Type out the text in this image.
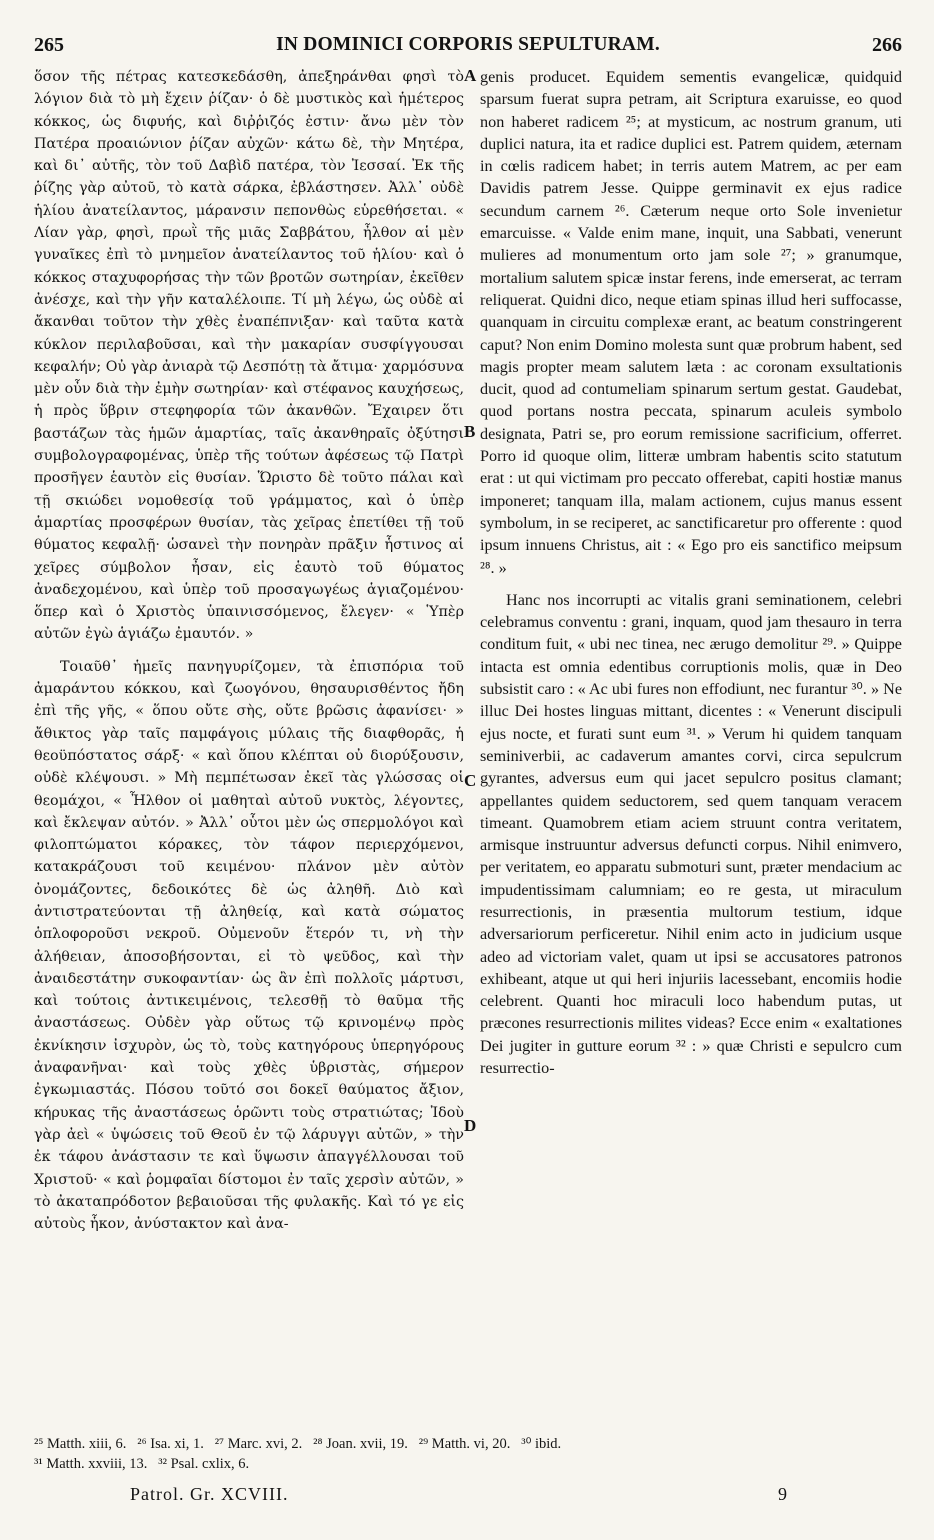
265	IN DOMINICI CORPORIS SEPULTURAM.	266

ὅσον τῆς πέτρας κατεσκεδάσθη, ἀπεξηράνθαι φησὶ τὸ λόγιον διὰ τὸ μὴ ἔχειν ῥίζαν· ὁ δὲ μυστικὸς καὶ ἡμέτερος κόκκος, ὡς διφυής, καὶ διῤῥιζός ἐστιν· ἄνω μὲν τὸν Πατέρα προαιώνιον ῥίζαν αὐχῶν· κάτω δὲ, τὴν Μητέρα, καὶ δι᾿ αὐτῆς, τὸν τοῦ Δαβὶδ πατέρα, τὸν Ἰεσσαί. Ἐκ τῆς ῥίζης γὰρ αὐτοῦ, τὸ κατὰ σάρκα, ἐβλάστησεν. Ἀλλ᾿ οὐδὲ ἡλίου ἀνατείλαντος, μάρανσιν πεπονθὼς εὑρεθήσεται. « Λίαν γὰρ, φησὶ, πρωῒ τῆς μιᾶς Σαββάτου, ἦλθον αἱ μὲν γυναῖκες ἐπὶ τὸ μνημεῖον ἀνατείλαντος τοῦ ἡλίου· καὶ ὁ κόκκος σταχυφορήσας τὴν τῶν βροτῶν σωτηρίαν, ἐκεῖθεν ἀνέσχε, καὶ τὴν γῆν καταλέλοιπε. Τί μὴ λέγω, ὡς οὐδὲ αἱ ἄκανθαι τοῦτον τὴν χθὲς ἐναπέπνιξαν· καὶ ταῦτα κατὰ κύκλον περιλαβοῦσαι, καὶ τὴν μακαρίαν συσφίγγουσαι κεφαλήν; Οὐ γὰρ ἀνιαρὰ τῷ Δεσπότῃ τὰ ἄτιμα· χαρμόσυνα μὲν οὖν διὰ τὴν ἐμὴν σωτηρίαν· καὶ στέφανος καυχήσεως, ἡ πρὸς ὕβριν στεφηφορία τῶν ἀκανθῶν. Ἔχαιρεν ὅτι βαστάζων τὰς ἡμῶν ἁμαρτίας, ταῖς ἀκανθηραῖς ὀξύτησι συμβολογραφομένας, ὑπὲρ τῆς τούτων ἀφέσεως τῷ Πατρὶ προσῆγεν ἑαυτὸν εἰς θυσίαν. Ὥριστο δὲ τοῦτο πάλαι καὶ τῇ σκιώδει νομοθεσίᾳ τοῦ γράμματος, καὶ ὁ ὑπὲρ ἁμαρτίας προσφέρων θυσίαν, τὰς χεῖρας ἐπετίθει τῇ τοῦ θύματος κεφαλῇ· ὡσανεὶ τὴν πονηρὰν πρᾶξιν ἧστινος αἱ χεῖρες σύμβολον ἦσαν, εἰς ἑαυτὸ τοῦ θύματος ἀναδεχομένου, καὶ ὑπὲρ τοῦ προσαγωγέως ἁγιαζομένου· ὅπερ καὶ ὁ Χριστὸς ὑπαινισσόμενος, ἔλεγεν· « Ὑπὲρ αὐτῶν ἐγὼ ἁγιάζω ἐμαυτόν. »

Τοιαῦθ᾿ ἡμεῖς πανηγυρίζομεν, τὰ ἐπισπόρια τοῦ ἀμαράντου κόκκου, καὶ ζωογόνου, θησαυρισθέντος ἤδη ἐπὶ τῆς γῆς, « ὅπου οὔτε σὴς, οὔτε βρῶσις ἀφανίσει· » ἄθικτος γὰρ ταῖς παμφάγοις μύλαις τῆς διαφθορᾶς, ἡ θεοϋπόστατος σάρξ· « καὶ ὅπου κλέπται οὐ διορύξουσιν, οὐδὲ κλέψουσι. » Μὴ πεμπέτωσαν ἐκεῖ τὰς γλώσσας οἱ θεομάχοι, « Ἦλθον οἱ μαθηταὶ αὐτοῦ νυκτὸς, λέγοντες, καὶ ἔκλεψαν αὐτόν. » Ἀλλ᾿ οὗτοι μὲν ὡς σπερμολόγοι καὶ φιλοπτώματοι κόρακες, τὸν τάφον περιερχόμενοι, κατακράζουσι τοῦ κειμένου· πλάνον μὲν αὐτὸν ὀνομάζοντες, δεδοικότες δὲ ὡς ἀληθῆ. Διὸ καὶ ἀντιστρατεύονται τῇ ἀληθείᾳ, καὶ κατὰ σώματος ὁπλοφοροῦσι νεκροῦ. Οὐμενοῦν ἕτερόν τι, νὴ τὴν ἀλήθειαν, ἀποσοβήσονται, εἰ τὸ ψεῦδος, καὶ τὴν ἀναιδεστάτην συκοφαντίαν· ὡς ἂν ἐπὶ πολλοῖς μάρτυσι, καὶ τούτοις ἀντικειμένοις, τελεσθῇ τὸ θαῦμα τῆς ἀναστάσεως. Οὐδὲν γὰρ οὕτως τῷ κρινομένῳ πρὸς ἐκνίκησιν ἰσχυρὸν, ὡς τὸ, τοὺς κατηγόρους ὑπερηγόρους ἀναφανῆναι· καὶ τοὺς χθὲς ὑβριστὰς, σήμερον ἐγκωμιαστάς. Πόσου τοῦτό σοι δοκεῖ θαύματος ἄξιον, κήρυκας τῆς ἀναστάσεως ὁρῶντι τοὺς στρατιώτας; Ἰδοὺ γὰρ ἀεὶ « ὑψώσεις τοῦ Θεοῦ ἐν τῷ λάρυγγι αὐτῶν, » τὴν ἐκ τάφου ἀνάστασιν τε καὶ ὕψωσιν ἀπαγγέλλουσαι τοῦ Χριστοῦ· « καὶ ῥομφαῖαι δίστομοι ἐν ταῖς χερσὶν αὐτῶν, » τὸ ἀκαταπρόδοτον βεβαιοῦσαι τῆς φυλακῆς. Καὶ τό γε εἰς αὐτοὺς ἧκον, ἀνύστακτον καὶ ἀνα-

A
B
C
D

genis producet. Equidem sementis evangelicæ, quidquid sparsum fuerat supra petram, ait Scriptura exaruisse, eo quod non haberet radicem ²⁵; at mysticum, ac nostrum granum, uti duplici natura, ita et radice duplici est. Patrem quidem, æternam in cœlis radicem habet; in terris autem Matrem, ac per eam Davidis patrem Jesse. Quippe germinavit ex ejus radice secundum carnem ²⁶. Cæterum neque orto Sole invenietur emarcuisse. « Valde enim mane, inquit, una Sabbati, venerunt mulieres ad monumentum orto jam sole ²⁷; » granumque, mortalium salutem spicæ instar ferens, inde emerserat, ac terram reliquerat. Quidni dico, neque etiam spinas illud heri suffocasse, quanquam in circuitu complexæ erant, ac beatum constringerent caput? Non enim Domino molesta sunt quæ probrum habent, sed magis propter meam salutem læta : ac coronam exsultationis ducit, quod ad contumeliam spinarum sertum gestat. Gaudebat, quod portans nostra peccata, spinarum aculeis symbolo designata, Patri se, pro eorum remissione sacrificium, offerret. Porro id quoque olim, litteræ umbram habentis scito statutum erat : ut qui victimam pro peccato offerebat, capiti hostiæ manus imponeret; tanquam illa, malam actionem, cujus manus essent symbolum, in se reciperet, ac sanctificaretur pro offerente : quod ipsum innuens Christus, ait : « Ego pro eis sanctifico meipsum ²⁸. »

Hanc nos incorrupti ac vitalis grani seminationem, celebri celebramus conventu : grani, inquam, quod jam thesauro in terra conditum fuit, « ubi nec tinea, nec ærugo demolitur ²⁹. » Quippe intacta est omnia edentibus corruptionis molis, quæ in Deo subsistit caro : « Ac ubi fures non effodiunt, nec furantur ³⁰. » Ne illuc Dei hostes linguas mittant, dicentes : « Venerunt discipuli ejus nocte, et furati sunt eum ³¹. » Verum hi quidem tanquam seminiverbii, ac cadaverum amantes corvi, circa sepulcrum gyrantes, adversus eum qui jacet sepulcro positus clamant; appellantes quidem seductorem, sed quem tanquam veracem timeant. Quamobrem etiam aciem struunt contra veritatem, armisque instruuntur adversus defuncti corpus. Nihil enimvero, per veritatem, eo apparatu submoturi sunt, præter mendacium ac impudentissimam calumniam; eo re gesta, ut miraculum resurrectionis, in præsentia multorum testium, idque adversariorum perficeretur. Nihil enim acto in judicium usque adeo ad victoriam valet, quam ut ipsi se accusatores patronos exhibeant, atque ut qui heri injuriis lacessebant, encomiis hodie celebrent. Quanti hoc miraculi loco habendum putas, ut præcones resurrectionis milites videas? Ecce enim « exaltationes Dei jugiter in gutture eorum ³² : » quæ Christi e sepulcro cum resurrectio-

²⁵ Matth. xiii, 6.   ²⁶ Isa. xi, 1.   ²⁷ Marc. xvi, 2.   ²⁸ Joan. xvii, 19.   ²⁹ Matth. vi, 20.   ³⁰ ibid.
³¹ Matth. xxviii, 13.   ³² Psal. cxlix, 6.
Patrol. Gr. XCVIII.	9
